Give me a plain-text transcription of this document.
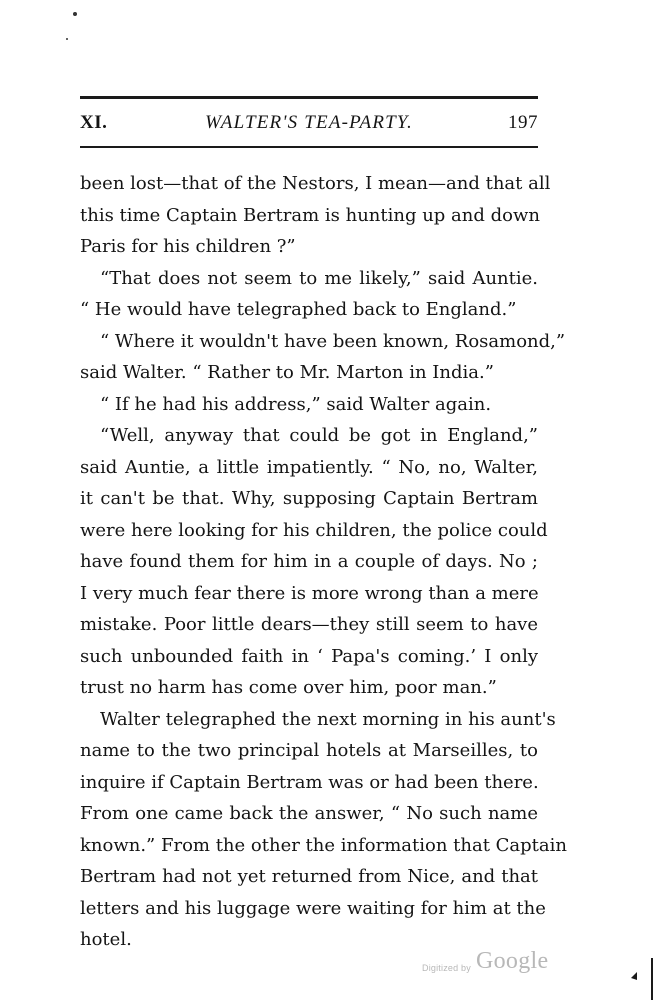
XI.	WALTER'S TEA-PARTY.	197
been lost—that of the Nestors, I mean—and that all
this time Captain Bertram is hunting up and down
Paris for his children ?”
“That does not seem to me likely,” said Auntie.
“ He would have telegraphed back to England.”
“ Where it wouldn't have been known, Rosamond,”
said Walter. “ Rather to Mr. Marton in India.”
“ If he had his address,” said Walter again.
“Well, anyway that could be got in England,”
said Auntie, a little impatiently. “ No, no, Walter,
it can't be that. Why, supposing Captain Bertram
were here looking for his children, the police could
have found them for him in a couple of days. No ;
I very much fear there is more wrong than a mere
mistake. Poor little dears—they still seem to have
such unbounded faith in ‘ Papa's coming.’ I only
trust no harm has come over him, poor man.”
Walter telegraphed the next morning in his aunt's
name to the two principal hotels at Marseilles, to
inquire if Captain Bertram was or had been there.
From one came back the answer, “ No such name
known.” From the other the information that Captain
Bertram had not yet returned from Nice, and that
letters and his luggage were waiting for him at the
hotel.
Digitized by Google
